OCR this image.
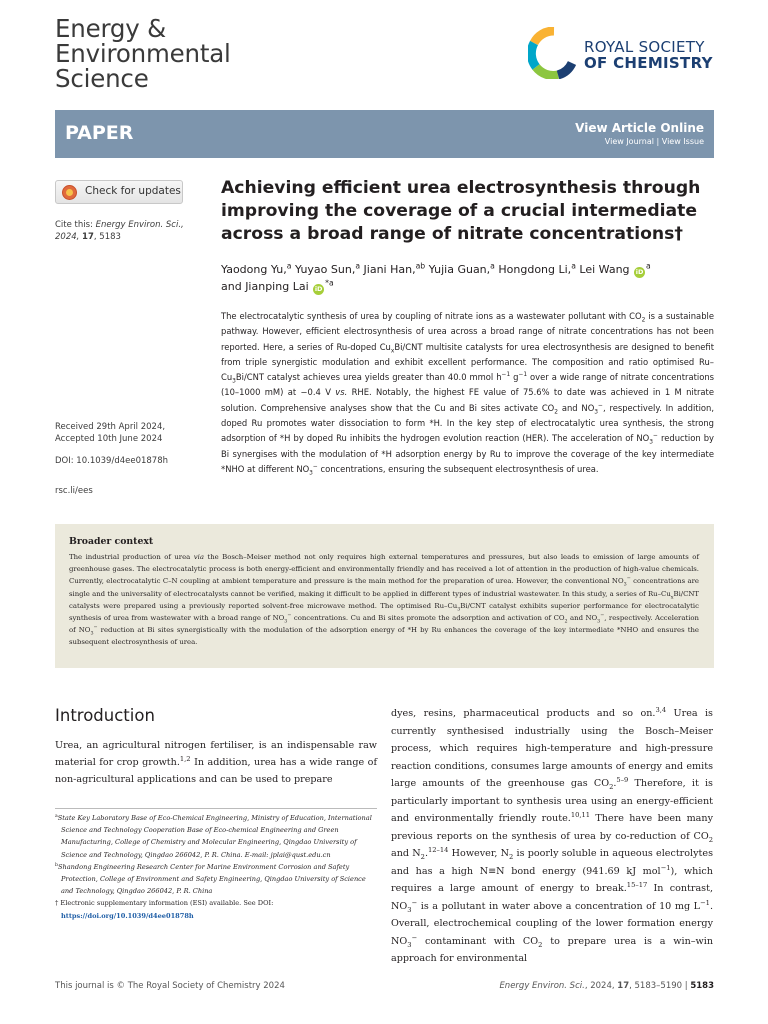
Energy &
Environmental
Science
ROYAL SOCIETY
OF CHEMISTRY
PAPER	View Article Online
View Journal | View Issue
Check for updates
Cite this: Energy Environ. Sci.,
2024, 17, 5183
Received 29th April 2024,
Accepted 10th June 2024
DOI: 10.1039/d4ee01878h
rsc.li/ees
Achieving efficient urea electrosynthesis through improving the coverage of a crucial intermediate across a broad range of nitrate concentrations†
Yaodong Yu,$^a$ Yuyao Sun,$^a$ Jiani Han,$^{ab}$ Yujia Guan,$^a$ Hongdong Li,$^a$ Lei Wang $iD^a$
and Jianping Lai $iD^{*a}$
The electrocatalytic synthesis of urea by coupling of nitrate ions as a wastewater pollutant with $CO_2$ is a sustainable pathway. However, efficient electrosynthesis of urea across a broad range of nitrate concentrations has not been reported. Here, a series of Ru-doped $Cu_xBi$/CNT multisite catalysts for urea electrosynthesis are designed to benefit from triple synergistic modulation and exhibit excellent performance. The composition and ratio optimised $Ru-Cu_3Bi$/CNT catalyst achieves urea yields greater than 40.0 mmol $h^{-1}$ $g^{-1}$ over a wide range of nitrate concentrations (10–1000 mM) at −0.4 V vs. RHE. Notably, the highest FE value of 75.6% to date was achieved in 1 M nitrate solution. Comprehensive analyses show that the Cu and Bi sites activate $CO_2$ and $NO_3^-$, respectively. In addition, doped Ru promotes water dissociation to form *H. In the key step of electrocatalytic urea synthesis, the strong adsorption of *H by doped Ru inhibits the hydrogen evolution reaction (HER). The acceleration of $NO_3^-$ reduction by Bi synergises with the modulation of *H adsorption energy by Ru to improve the coverage of the key intermediate *NHO at different $NO_3^-$ concentrations, ensuring the subsequent electrosynthesis of urea.
Broader context
The industrial production of urea via the Bosch–Meiser method not only requires high external temperatures and pressures, but also leads to emission of large amounts of greenhouse gases. The electrocatalytic process is both energy-efficient and environmentally friendly and has received a lot of attention in the production of high-value chemicals. Currently, electrocatalytic C–N coupling at ambient temperature and pressure is the main method for the preparation of urea. However, the conventional $NO_3^-$ concentrations are single and the universality of electrocatalysts cannot be verified, making it difficult to be applied in different types of industrial wastewater. In this study, a series of $Ru-Cu_xBi$/CNT catalysts were prepared using a previously reported solvent-free microwave method. The optimised $Ru-Cu_3Bi$/CNT catalyst exhibits superior performance for electrocatalytic synthesis of urea from wastewater with a broad range of $NO_3^-$ concentrations. Cu and Bi sites promote the adsorption and activation of $CO_2$ and $NO_3^-$, respectively. Acceleration of $NO_3^-$ reduction at Bi sites synergistically with the modulation of the adsorption energy of *H by Ru enhances the coverage of the key intermediate *NHO and ensures the subsequent electrosynthesis of urea.
Introduction
Urea, an agricultural nitrogen fertiliser, is an indispensable raw material for crop growth.$^{1,2}$ In addition, urea has a wide range of non-agricultural applications and can be used to prepare
dyes, resins, pharmaceutical products and so on.$^{3,4}$ Urea is currently synthesised industrially using the Bosch–Meiser process, which requires high-temperature and high-pressure reaction conditions, consumes large amounts of energy and emits large amounts of the greenhouse gas $CO_2.^{5-9}$ Therefore, it is particularly important to synthesis urea using an energy-efficient and environmentally friendly route.$^{10,11}$ There have been many previous reports on the synthesis of urea by co-reduction of $CO_2$ and $N_2.^{12-14}$ However, $N_2$ is poorly soluble in aqueous electrolytes and has a high N≡N bond energy (941.69 kJ mol$^{-1}$), which requires a large amount of energy to break.$^{15-17}$ In contrast, $NO_3^-$ is a pollutant in water above a concentration of 10 mg $L^{-1}$. Overall, electrochemical coupling of the lower formation energy $NO_3^-$ contaminant with $CO_2$ to prepare urea is a win–win approach for environmental
$^a$State Key Laboratory Base of Eco-Chemical Engineering, Ministry of Education, International Science and Technology Cooperation Base of Eco-chemical Engineering and Green Manufacturing, College of Chemistry and Molecular Engineering, Qingdao University of Science and Technology, Qingdao 266042, P. R. China. E-mail: jplai@qust.edu.cn
$^b$Shandong Engineering Research Center for Marine Environment Corrosion and Safety Protection, College of Environment and Safety Engineering, Qingdao University of Science and Technology, Qingdao 266042, P. R. China
† Electronic supplementary information (ESI) available. See DOI: https://doi.org/10.1039/d4ee01878h
This journal is © The Royal Society of Chemistry 2024	Energy Environ. Sci., 2024, 17, 5183–5190 | 5183
